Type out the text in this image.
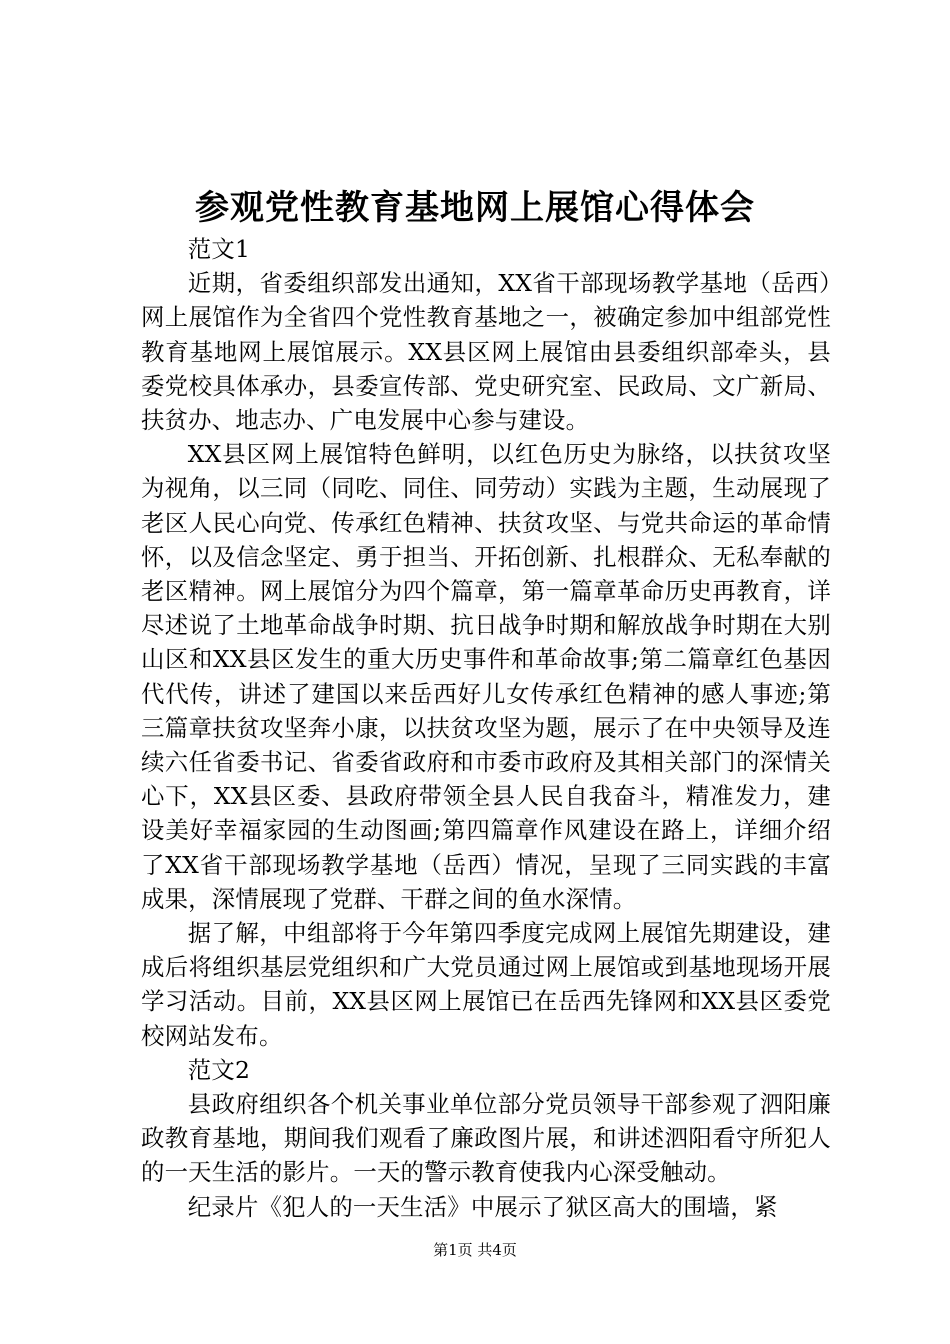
参观党性教育基地网上展馆心得体会

范文1

近期，省委组织部发出通知，XX省干部现场教学基地（岳西）网上展馆作为全省四个党性教育基地之一，被确定参加中组部党性教育基地网上展馆展示。XX县区网上展馆由县委组织部牵头，县委党校具体承办，县委宣传部、党史研究室、民政局、文广新局、扶贫办、地志办、广电发展中心参与建设。

XX县区网上展馆特色鲜明，以红色历史为脉络，以扶贫攻坚为视角，以三同（同吃、同住、同劳动）实践为主题，生动展现了老区人民心向党、传承红色精神、扶贫攻坚、与党共命运的革命情怀，以及信念坚定、勇于担当、开拓创新、扎根群众、无私奉献的老区精神。网上展馆分为四个篇章，第一篇章革命历史再教育，详尽述说了土地革命战争时期、抗日战争时期和解放战争时期在大别山区和XX县区发生的重大历史事件和革命故事;第二篇章红色基因代代传，讲述了建国以来岳西好儿女传承红色精神的感人事迹;第三篇章扶贫攻坚奔小康，以扶贫攻坚为题，展示了在中央领导及连续六任省委书记、省委省政府和市委市政府及其相关部门的深情关心下，XX县区委、县政府带领全县人民自我奋斗，精准发力，建设美好幸福家园的生动图画;第四篇章作风建设在路上，详细介绍了XX省干部现场教学基地（岳西）情况，呈现了三同实践的丰富成果，深情展现了党群、干群之间的鱼水深情。

据了解，中组部将于今年第四季度完成网上展馆先期建设，建成后将组织基层党组织和广大党员通过网上展馆或到基地现场开展学习活动。目前，XX县区网上展馆已在岳西先锋网和XX县区委党校网站发布。

范文2

县政府组织各个机关事业单位部分党员领导干部参观了泗阳廉政教育基地，期间我们观看了廉政图片展，和讲述泗阳看守所犯人的一天生活的影片。一天的警示教育使我内心深受触动。

纪录片《犯人的一天生活》中展示了狱区高大的围墙，紧

第1页 共4页
